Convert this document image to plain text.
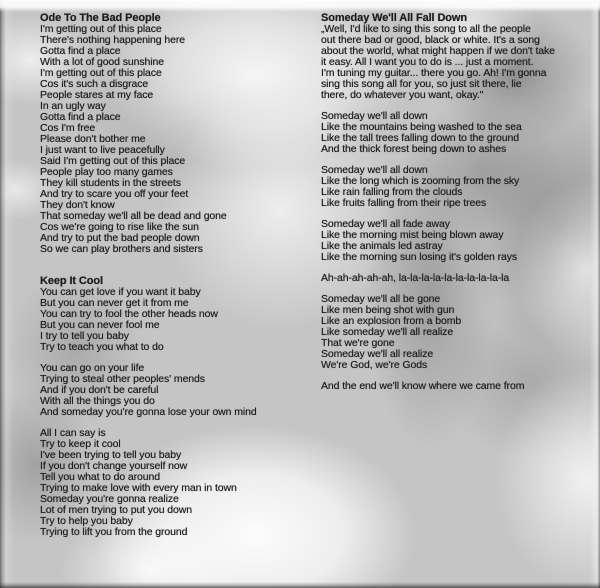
Ode To The Bad People
I'm getting out of this place
There's nothing happening here
Gotta find a place
With a lot of good sunshine
I'm getting out of this place
Cos it's such a disgrace
People stares at my face
In an ugly way
Gotta find a place
Cos I'm free
Please don't bother me
I just want to live peacefully
Said I'm getting out of this place
People play too many games
They kill students in the streets
And try to scare you off your feet
They don't know
That someday we'll all be dead and gone
Cos we're going to rise like the sun
And try to put the bad people down
So we can play brothers and sisters
Keep It Cool
You can get love if you want it baby
But you can never get it from me
You can try to fool the other heads now
But you can never fool me
I try to tell you baby
Try to teach you what to do
You can go on your life
Trying to steal other peoples' mends
And if you don't be careful
With all the things you do
And someday you're gonna lose your own mind
All I can say is
Try to keep it cool
I've been trying to tell you baby
If you don't change yourself now
Tell you what to do around
Trying to make love with every man in town
Someday you're gonna realize
Lot of men trying to put you down
Try to help you baby
Trying to lift you from the ground
Someday We'll All Fall Down
„Well, I'd like to sing this song to all the people
out there bad or good, black or white. It's a song
about the world, what might happen if we don't take
it easy. All I want you to do is ... just a moment.
I'm tuning my guitar... there you go. Ah! I'm gonna
sing this song all for you, so just sit there, lie
there, do whatever you want, okay."
Someday we'll all down
Like the mountains being washed to the sea
Like the tall trees falling down to the ground
And the thick forest being down to ashes
Someday we'll all down
Like the long which is zooming from the sky
Like rain falling from the clouds
Like fruits falling from their ripe trees
Someday we'll all fade away
Like the morning mist being blown away
Like the animals led astray
Like the morning sun losing it's golden rays
Ah-ah-ah-ah-ah, la-la-la-la-la-la-la-la-la-la
Someday we'll all be gone
Like men being shot with gun
Like an explosion from a bomb
Like someday we'll all realize
That we're gone
Someday we'll all realize
We're God, we're Gods
And the end we'll know where we came from
